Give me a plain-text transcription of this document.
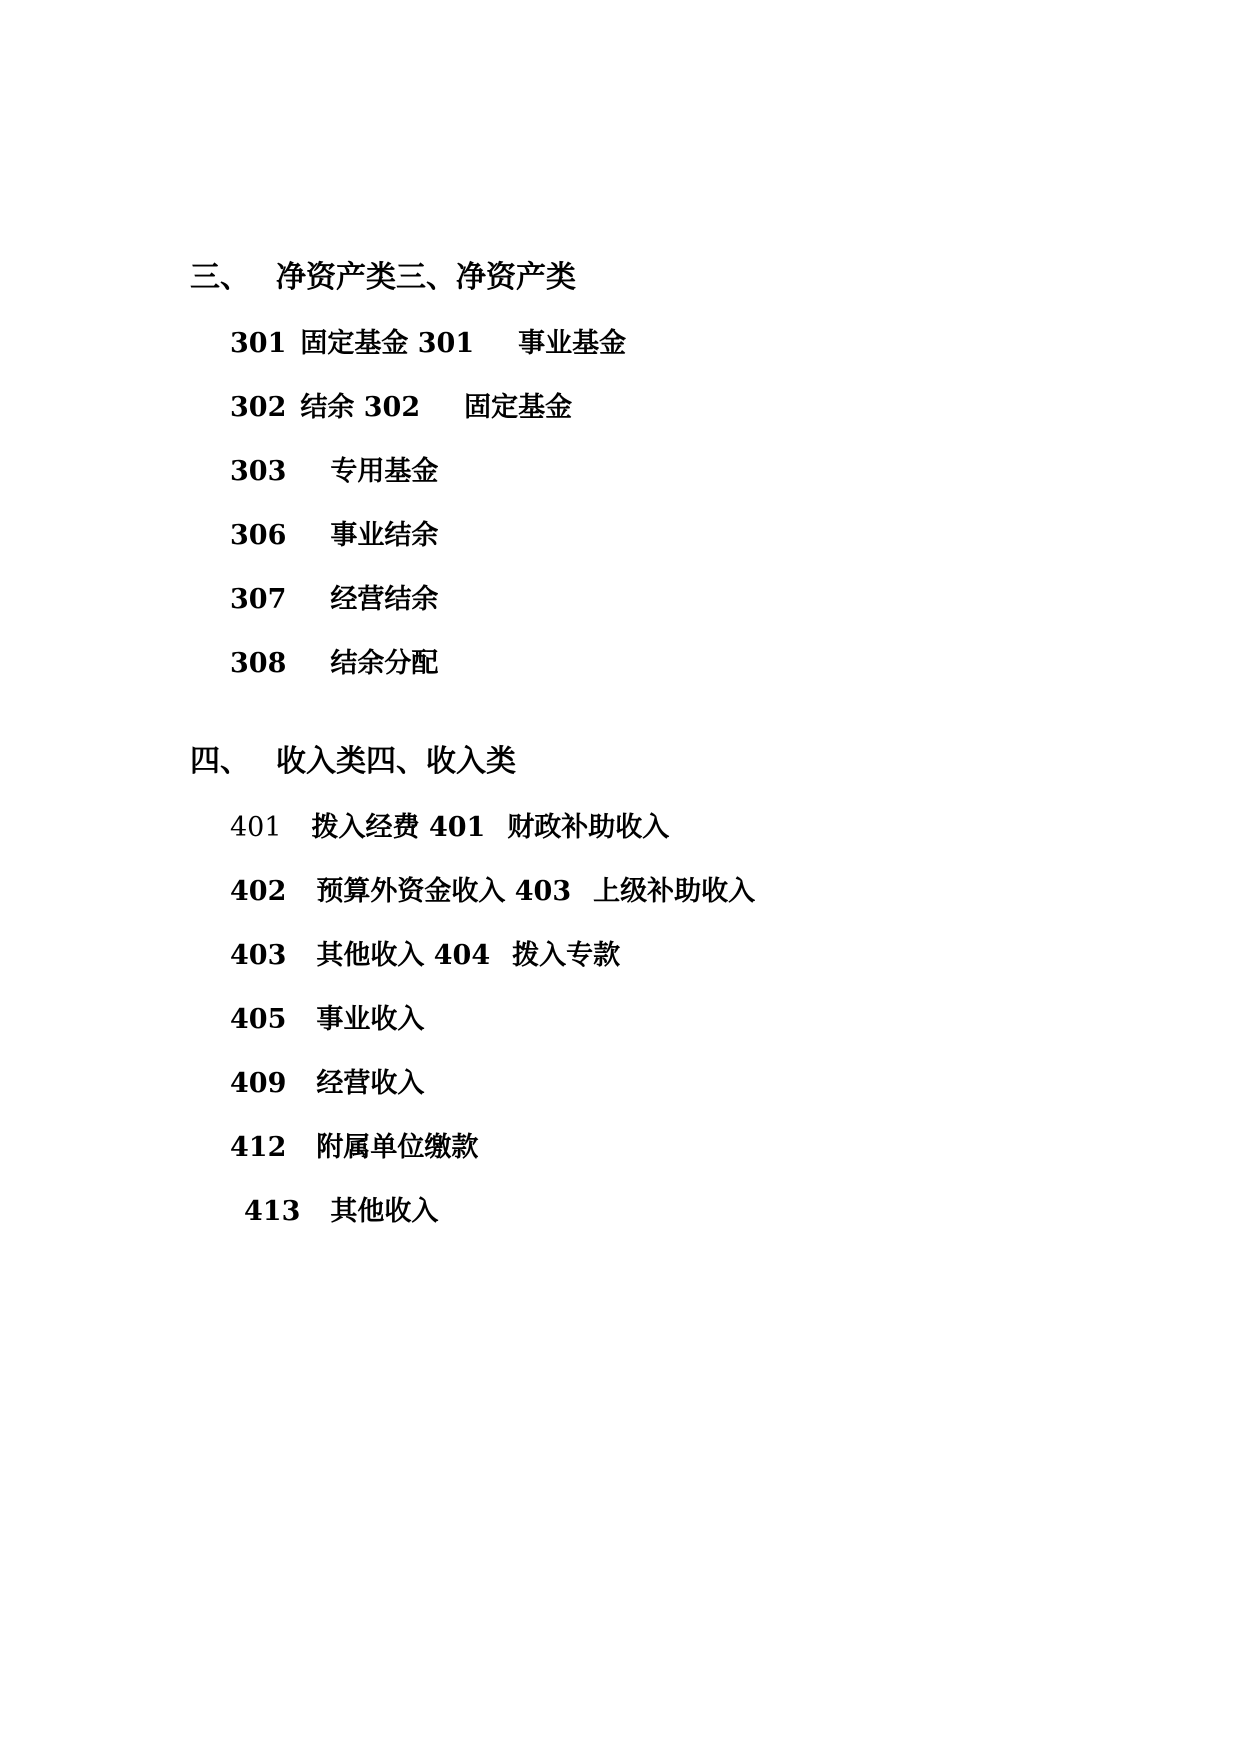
三、 净资产类三、净资产类
301 固定基金 301 事业基金
302 结余 302 固定基金
303 专用基金
306 事业结余
307 经营结余
308 结余分配
四、 收入类四、收入类
401 拨入经费 401 财政补助收入
402 预算外资金收入 403 上级补助收入
403 其他收入 404 拨入专款
405 事业收入
409 经营收入
412 附属单位缴款
413 其他收入
